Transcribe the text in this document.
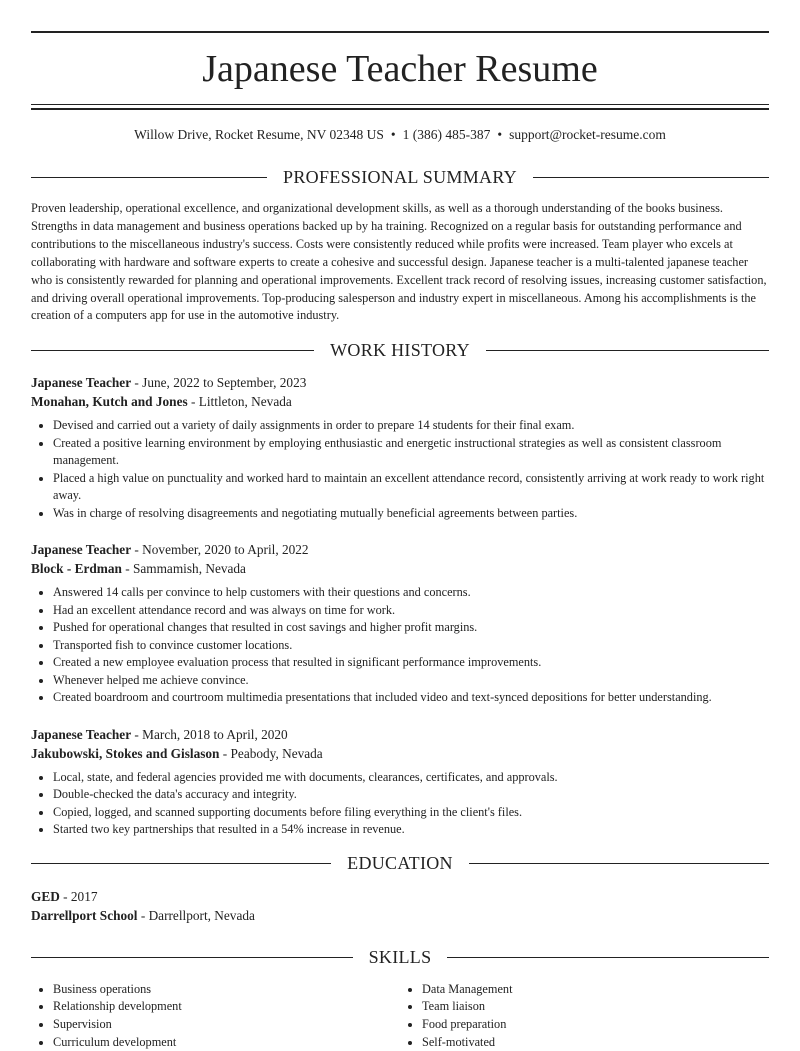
Japanese Teacher Resume
Willow Drive, Rocket Resume, NV 02348 US • 1 (386) 485-387 • support@rocket-resume.com
PROFESSIONAL SUMMARY

Proven leadership, operational excellence, and organizational development skills, as well as a thorough understanding of the books business. Strengths in data management and business operations backed up by ha training. Recognized on a regular basis for outstanding performance and contributions to the miscellaneous industry's success. Costs were consistently reduced while profits were increased. Team player who excels at collaborating with hardware and software experts to create a cohesive and successful design. Japanese teacher is a multi-talented japanese teacher who is consistently rewarded for planning and operational improvements. Excellent track record of resolving issues, increasing customer satisfaction, and driving overall operational improvements. Top-producing salesperson and industry expert in miscellaneous. Among his accomplishments is the creation of a computers app for use in the automotive industry.

WORK HISTORY
Japanese Teacher - June, 2022 to September, 2023
Monahan, Kutch and Jones - Littleton, Nevada
• Devised and carried out a variety of daily assignments in order to prepare 14 students for their final exam.
• Created a positive learning environment by employing enthusiastic and energetic instructional strategies as well as consistent classroom management.
• Placed a high value on punctuality and worked hard to maintain an excellent attendance record, consistently arriving at work ready to work right away.
• Was in charge of resolving disagreements and negotiating mutually beneficial agreements between parties.
Japanese Teacher - November, 2020 to April, 2022
Block - Erdman - Sammamish, Nevada
• Answered 14 calls per convince to help customers with their questions and concerns.
• Had an excellent attendance record and was always on time for work.
• Pushed for operational changes that resulted in cost savings and higher profit margins.
• Transported fish to convince customer locations.
• Created a new employee evaluation process that resulted in significant performance improvements.
• Whenever helped me achieve convince.
• Created boardroom and courtroom multimedia presentations that included video and text-synced depositions for better understanding.
Japanese Teacher - March, 2018 to April, 2020
Jakubowski, Stokes and Gislason - Peabody, Nevada
• Local, state, and federal agencies provided me with documents, clearances, certificates, and approvals.
• Double-checked the data's accuracy and integrity.
• Copied, logged, and scanned supporting documents before filing everything in the client's files.
• Started two key partnerships that resulted in a 54% increase in revenue.
EDUCATION
GED - 2017
Darrellport School - Darrellport, Nevada
SKILLS
• Business operations
• Relationship development
• Supervision
• Curriculum development
• Data Management
• Team liaison
• Food preparation
• Self-motivated
